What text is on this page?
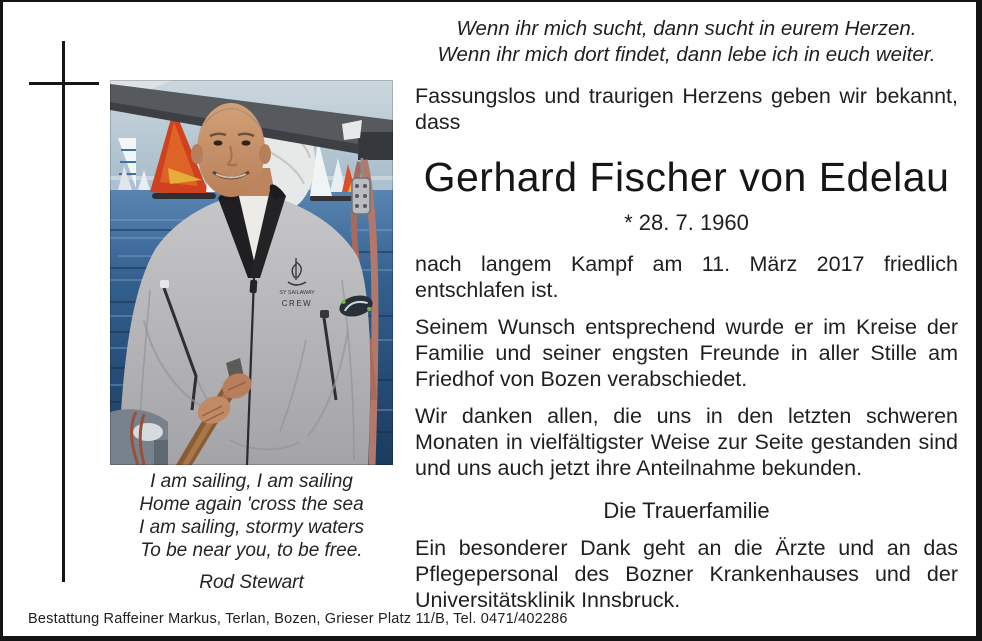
SY SAILAWAY
CREW
I am sailing, I am sailing
Home again 'cross the sea
I am sailing, stormy waters
To be near you, to be free.
Rod Stewart
Wenn ihr mich sucht, dann sucht in eurem Herzen.
Wenn ihr mich dort findet, dann lebe ich in euch weiter.
Fassungslos und traurigen Herzens geben wir bekannt,
dass
Gerhard Fischer von Edelau
* 28. 7. 1960
nach langem Kampf am 11. März 2017 friedlich
entschlafen ist.
Seinem Wunsch entsprechend wurde er im Kreise der
Familie und seiner engsten Freunde in aller Stille am
Friedhof von Bozen verabschiedet.
Wir danken allen, die uns in den letzten schweren
Monaten in vielfältigster Weise zur Seite gestanden sind
und uns auch jetzt ihre Anteilnahme bekunden.
Die Trauerfamilie
Ein besonderer Dank geht an die Ärzte und an das
Pflegepersonal des Bozner Krankenhauses und der
Universitätsklinik Innsbruck.
Bestattung Raffeiner Markus, Terlan, Bozen, Grieser Platz 11/B, Tel. 0471/402286
